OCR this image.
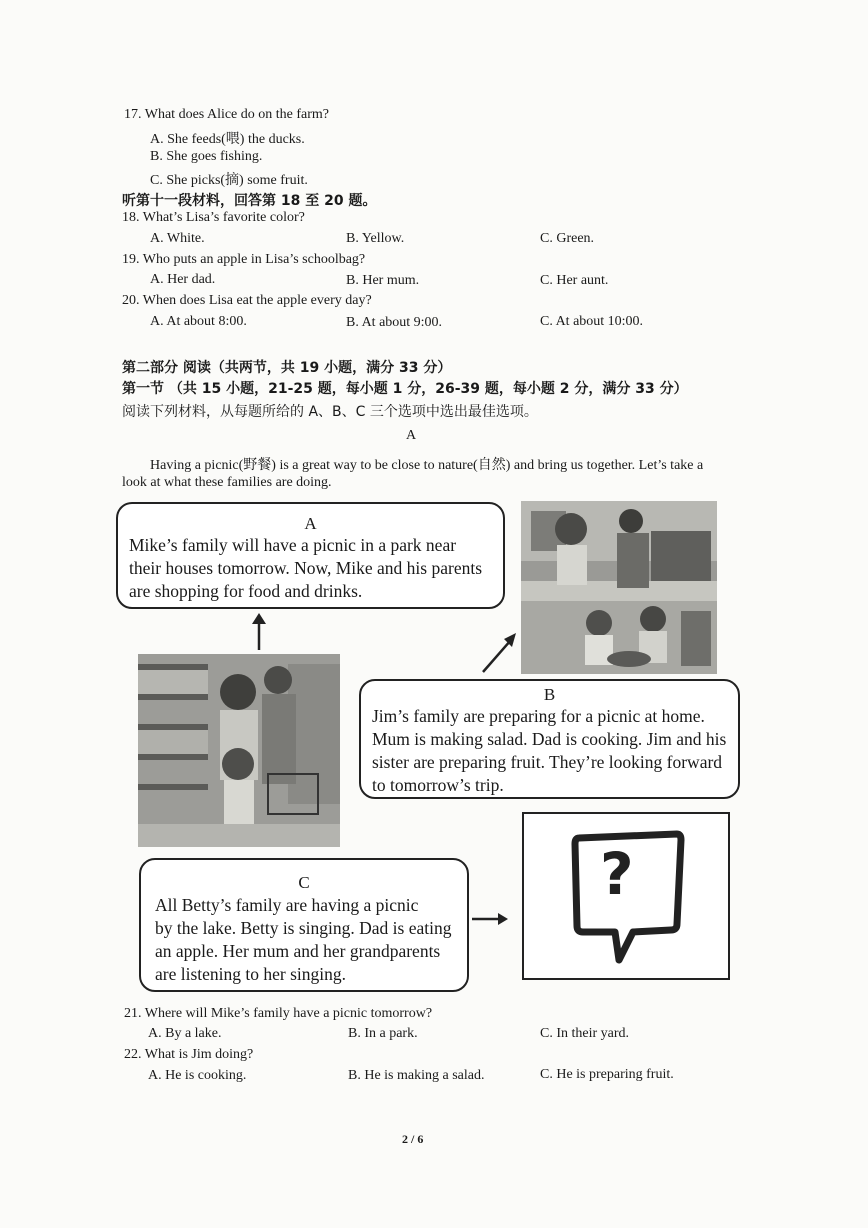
17. What does Alice do on the farm?
A. She feeds(喂) the ducks.
B. She goes fishing.
C. She picks(摘) some fruit.
听第十一段材料，回答第 18 至 20 题。
18. What’s Lisa’s favorite color?
A. White.	B. Yellow.	C. Green.
19. Who puts an apple in Lisa’s schoolbag?
A. Her dad.	B. Her mum.	C. Her aunt.
20. When does Lisa eat the apple every day?
A. At about 8:00.	B. At about 9:00.	C. At about 10:00.
第二部分 阅读（共两节，共 19 小题，满分 33 分）
第一节 （共 15 小题，21-25 题，每小题 1 分，26-39 题，每小题 2 分，满分 33 分）
阅读下列材料，从每题所给的 A、B、C 三个选项中选出最佳选项。
A
Having a picnic(野餐) is a great way to be close to nature(自然) and bring us together. Let’s take a
look at what these families are doing.
A
Mike’s family will have a picnic in a park near
their houses tomorrow. Now, Mike and his parents
are shopping for food and drinks.
B
Jim’s family are preparing for a picnic at home.
Mum is making salad. Dad is cooking. Jim and his
sister are preparing fruit. They’re looking forward
to tomorrow’s trip.
?
C
All Betty’s family are having a picnic
by the lake. Betty is singing. Dad is eating
an apple. Her mum and her grandparents
are listening to her singing.
21. Where will Mike’s family have a picnic tomorrow?
A. By a lake.	B. In a park.	C. In their yard.
22. What is Jim doing?
A. He is cooking.	B. He is making a salad.	C. He is preparing fruit.
2 / 6
